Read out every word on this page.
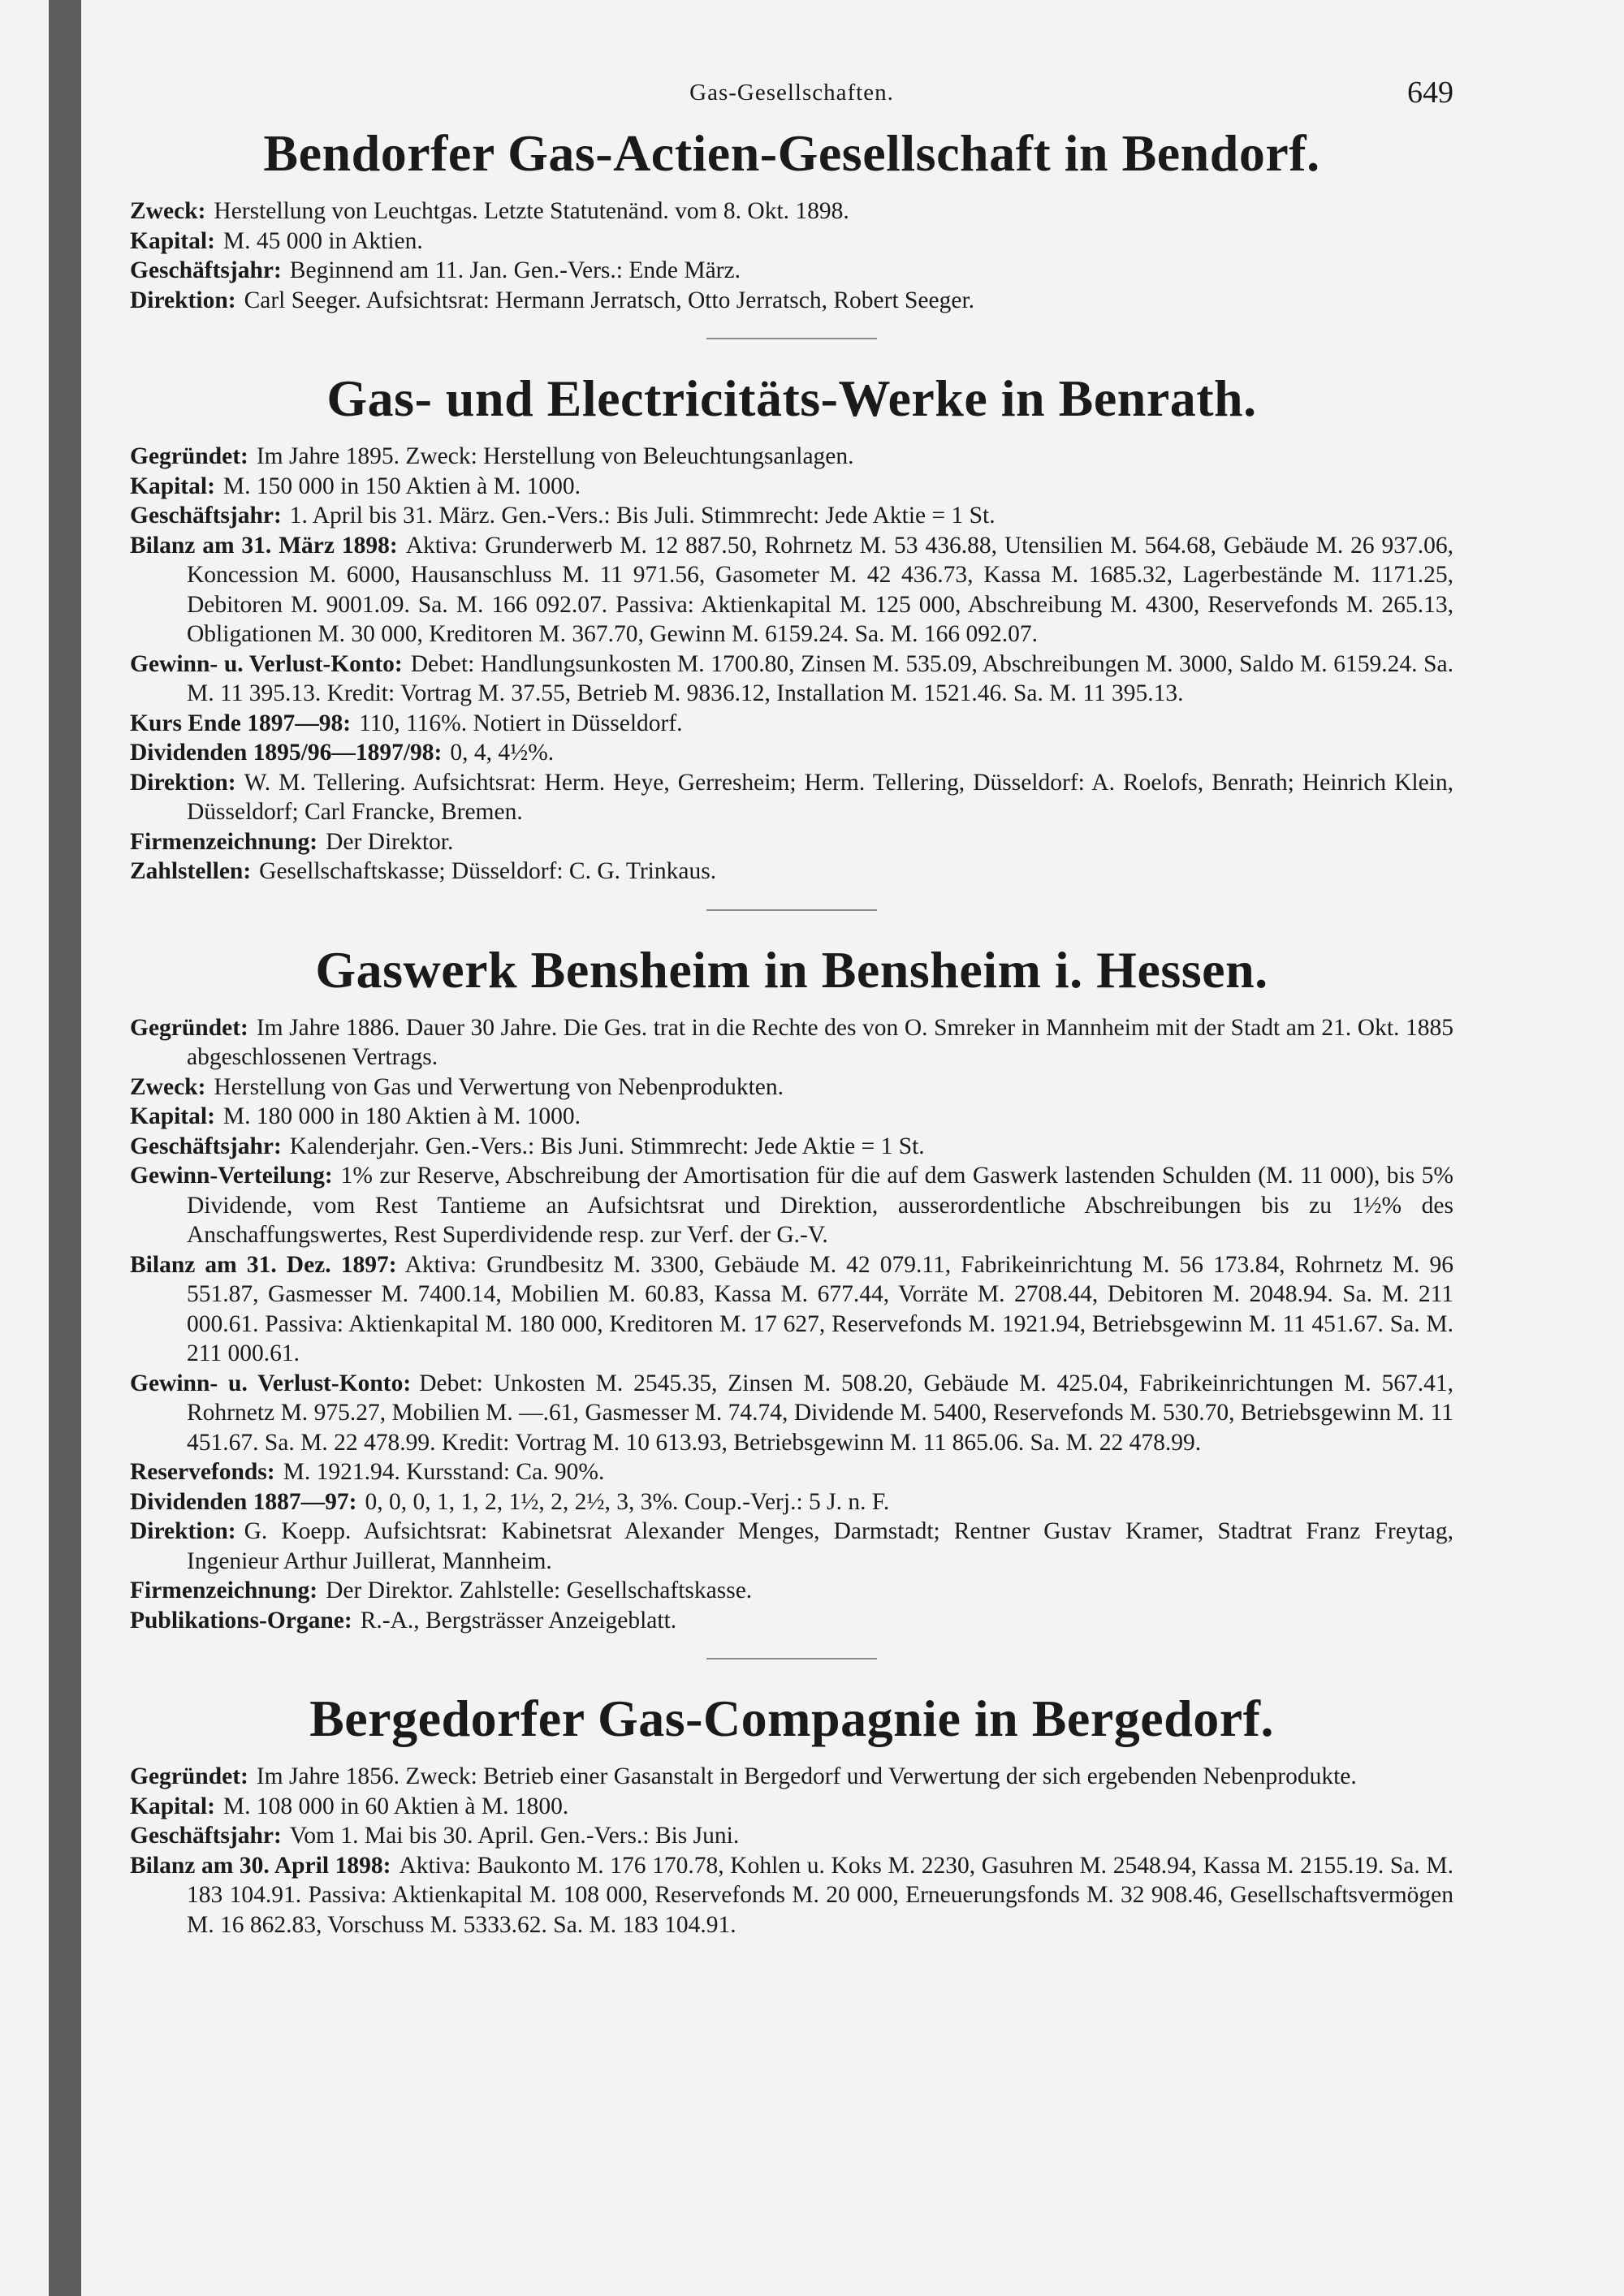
Gas-Gesellschaften.	649
Bendorfer Gas-Actien-Gesellschaft in Bendorf.
Zweck: Herstellung von Leuchtgas. Letzte Statutenänd. vom 8. Okt. 1898.
Kapital: M. 45 000 in Aktien.
Geschäftsjahr: Beginnend am 11. Jan. Gen.-Vers.: Ende März.
Direktion: Carl Seeger. Aufsichtsrat: Hermann Jerratsch, Otto Jerratsch, Robert Seeger.
Gas- und Electricitäts-Werke in Benrath.
Gegründet: Im Jahre 1895. Zweck: Herstellung von Beleuchtungsanlagen.
Kapital: M. 150 000 in 150 Aktien à M. 1000.
Geschäftsjahr: 1. April bis 31. März. Gen.-Vers.: Bis Juli. Stimmrecht: Jede Aktie = 1 St.
Bilanz am 31. März 1898: Aktiva: Grunderwerb M. 12 887.50, Rohrnetz M. 53 436.88, Utensilien M. 564.68, Gebäude M. 26 937.06, Koncession M. 6000, Hausanschluss M. 11 971.56, Gasometer M. 42 436.73, Kassa M. 1685.32, Lagerbestände M. 1171.25, Debitoren M. 9001.09. Sa. M. 166 092.07. Passiva: Aktienkapital M. 125 000, Abschreibung M. 4300, Reservefonds M. 265.13, Obligationen M. 30 000, Kreditoren M. 367.70, Gewinn M. 6159.24. Sa. M. 166 092.07.
Gewinn- u. Verlust-Konto: Debet: Handlungsunkosten M. 1700.80, Zinsen M. 535.09, Abschreibungen M. 3000, Saldo M. 6159.24. Sa. M. 11 395.13. Kredit: Vortrag M. 37.55, Betrieb M. 9836.12, Installation M. 1521.46. Sa. M. 11 395.13.
Kurs Ende 1897—98: 110, 116%. Notiert in Düsseldorf.
Dividenden 1895/96—1897/98: 0, 4, 4½%.
Direktion: W. M. Tellering. Aufsichtsrat: Herm. Heye, Gerresheim; Herm. Tellering, Düsseldorf: A. Roelofs, Benrath; Heinrich Klein, Düsseldorf; Carl Francke, Bremen.
Firmenzeichnung: Der Direktor.
Zahlstellen: Gesellschaftskasse; Düsseldorf: C. G. Trinkaus.
Gaswerk Bensheim in Bensheim i. Hessen.
Gegründet: Im Jahre 1886. Dauer 30 Jahre. Die Ges. trat in die Rechte des von O. Smreker in Mannheim mit der Stadt am 21. Okt. 1885 abgeschlossenen Vertrags.
Zweck: Herstellung von Gas und Verwertung von Nebenprodukten.
Kapital: M. 180 000 in 180 Aktien à M. 1000.
Geschäftsjahr: Kalenderjahr. Gen.-Vers.: Bis Juni. Stimmrecht: Jede Aktie = 1 St.
Gewinn-Verteilung: 1% zur Reserve, Abschreibung der Amortisation für die auf dem Gaswerk lastenden Schulden (M. 11 000), bis 5% Dividende, vom Rest Tantieme an Aufsichtsrat und Direktion, ausserordentliche Abschreibungen bis zu 1½% des Anschaffungswertes, Rest Superdividende resp. zur Verf. der G.-V.
Bilanz am 31. Dez. 1897: Aktiva: Grundbesitz M. 3300, Gebäude M. 42 079.11, Fabrikeinrichtung M. 56 173.84, Rohrnetz M. 96 551.87, Gasmesser M. 7400.14, Mobilien M. 60.83, Kassa M. 677.44, Vorräte M. 2708.44, Debitoren M. 2048.94. Sa. M. 211 000.61. Passiva: Aktienkapital M. 180 000, Kreditoren M. 17 627, Reservefonds M. 1921.94, Betriebsgewinn M. 11 451.67. Sa. M. 211 000.61.
Gewinn- u. Verlust-Konto: Debet: Unkosten M. 2545.35, Zinsen M. 508.20, Gebäude M. 425.04, Fabrikeinrichtungen M. 567.41, Rohrnetz M. 975.27, Mobilien M. —.61, Gasmesser M. 74.74, Dividende M. 5400, Reservefonds M. 530.70, Betriebsgewinn M. 11 451.67. Sa. M. 22 478.99. Kredit: Vortrag M. 10 613.93, Betriebsgewinn M. 11 865.06. Sa. M. 22 478.99.
Reservefonds: M. 1921.94. Kursstand: Ca. 90%.
Dividenden 1887—97: 0, 0, 0, 1, 1, 2, 1½, 2, 2½, 3, 3%. Coup.-Verj.: 5 J. n. F.
Direktion: G. Koepp. Aufsichtsrat: Kabinetsrat Alexander Menges, Darmstadt; Rentner Gustav Kramer, Stadtrat Franz Freytag, Ingenieur Arthur Juillerat, Mannheim.
Firmenzeichnung: Der Direktor. Zahlstelle: Gesellschaftskasse.
Publikations-Organe: R.-A., Bergsträsser Anzeigeblatt.
Bergedorfer Gas-Compagnie in Bergedorf.
Gegründet: Im Jahre 1856. Zweck: Betrieb einer Gasanstalt in Bergedorf und Verwertung der sich ergebenden Nebenprodukte.
Kapital: M. 108 000 in 60 Aktien à M. 1800.
Geschäftsjahr: Vom 1. Mai bis 30. April. Gen.-Vers.: Bis Juni.
Bilanz am 30. April 1898: Aktiva: Baukonto M. 176 170.78, Kohlen u. Koks M. 2230, Gasuhren M. 2548.94, Kassa M. 2155.19. Sa. M. 183 104.91. Passiva: Aktienkapital M. 108 000, Reservefonds M. 20 000, Erneuerungsfonds M. 32 908.46, Gesellschaftsvermögen M. 16 862.83, Vorschuss M. 5333.62. Sa. M. 183 104.91.
